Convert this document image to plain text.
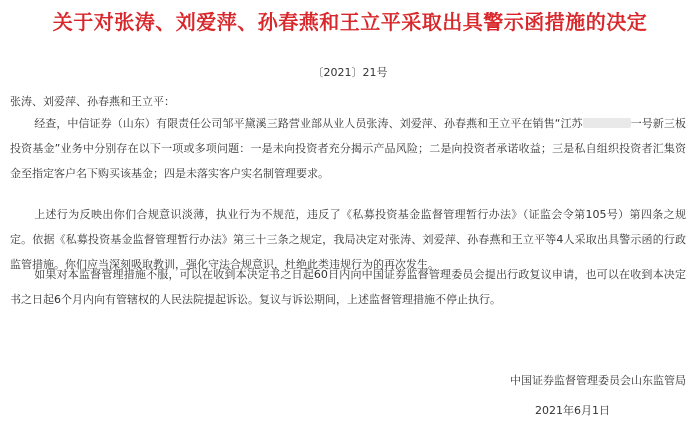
关于对张涛、刘爱萍、孙春燕和王立平采取出具警示函措施的决定
〔2021〕21号
张涛、刘爱萍、孙春燕和王立平：

经查，中信证券（山东）有限责任公司邹平黛溪三路营业部从业人员张涛、刘爱萍、孙春燕和王立平在销售“江苏	一号新三板投资基金”业务中分别存在以下一项或多项问题：一是未向投资者充分揭示产品风险；二是向投资者承诺收益；三是私自组织投资者汇集资金至指定客户名下购买该基金；四是未落实客户实名制管理要求。

上述行为反映出你们合规意识淡薄，执业行为不规范，违反了《私募投资基金监督管理暂行办法》（证监会令第105号）第四条之规定。依据《私募投资基金监督管理暂行办法》第三十三条之规定，我局决定对张涛、刘爱萍、孙春燕和王立平等4人采取出具警示函的行政监管措施。你们应当深刻吸取教训，强化守法合规意识，杜绝此类违规行为的再次发生。

如果对本监督管理措施不服，可以在收到本决定书之日起60日内向中国证券监督管理委员会提出行政复议申请，也可以在收到本决定书之日起6个月内向有管辖权的人民法院提起诉讼。复议与诉讼期间，上述监督管理措施不停止执行。

中国证券监督管理委员会山东监管局
2021年6月1日
